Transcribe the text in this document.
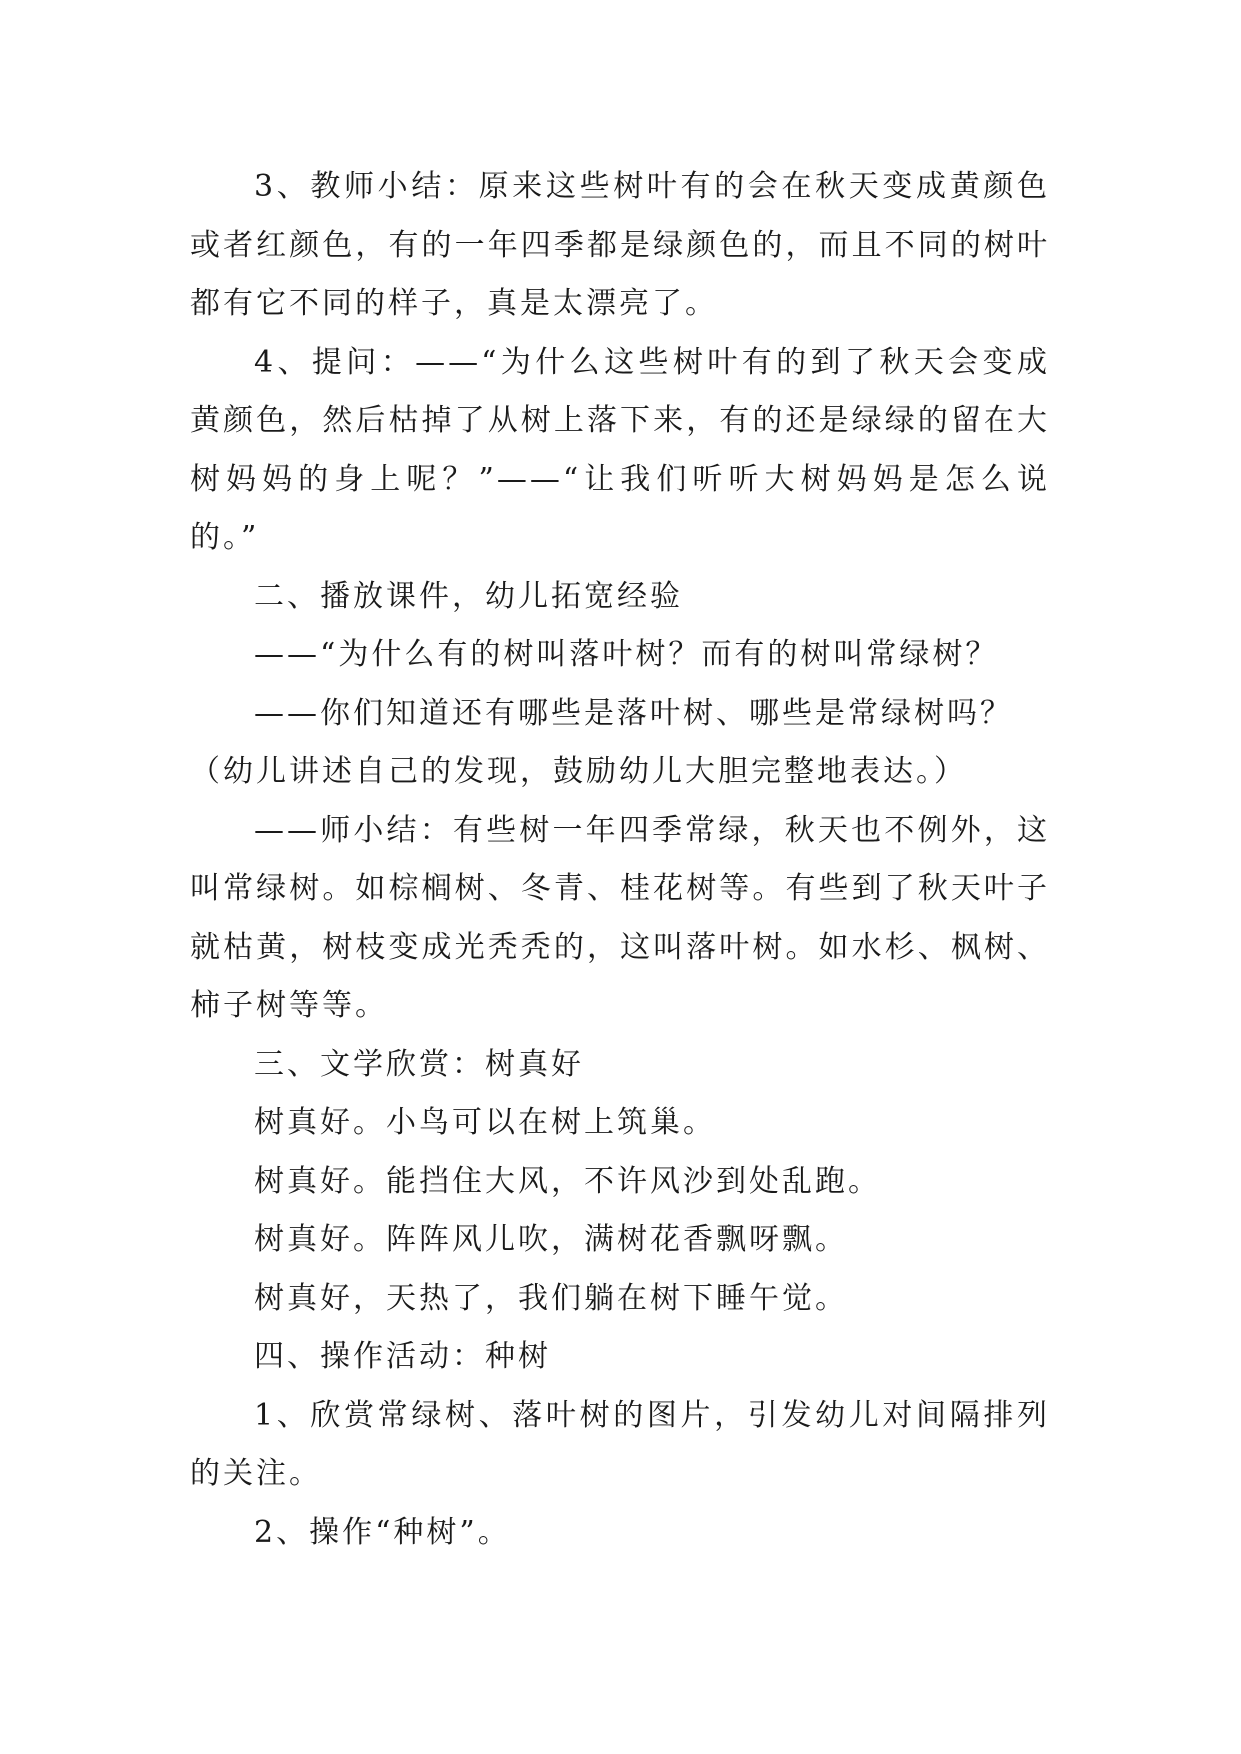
3、教师小结：原来这些树叶有的会在秋天变成黄颜色或者红颜色，有的一年四季都是绿颜色的，而且不同的树叶都有它不同的样子，真是太漂亮了。

4、提问：——“为什么这些树叶有的到了秋天会变成黄颜色，然后枯掉了从树上落下来，有的还是绿绿的留在大树妈妈的身上呢？”——“让我们听听大树妈妈是怎么说的。”

二、播放课件，幼儿拓宽经验

——“为什么有的树叫落叶树？而有的树叫常绿树？

——你们知道还有哪些是落叶树、哪些是常绿树吗？

（幼儿讲述自己的发现，鼓励幼儿大胆完整地表达。）

——师小结：有些树一年四季常绿，秋天也不例外，这叫常绿树。如棕榈树、冬青、桂花树等。有些到了秋天叶子就枯黄，树枝变成光秃秃的，这叫落叶树。如水杉、枫树、柿子树等等。

三、文学欣赏：树真好

树真好。小鸟可以在树上筑巢。

树真好。能挡住大风，不许风沙到处乱跑。

树真好。阵阵风儿吹，满树花香飘呀飘。

树真好，天热了，我们躺在树下睡午觉。

四、操作活动：种树

1、欣赏常绿树、落叶树的图片，引发幼儿对间隔排列的关注。

2、操作“种树”。
